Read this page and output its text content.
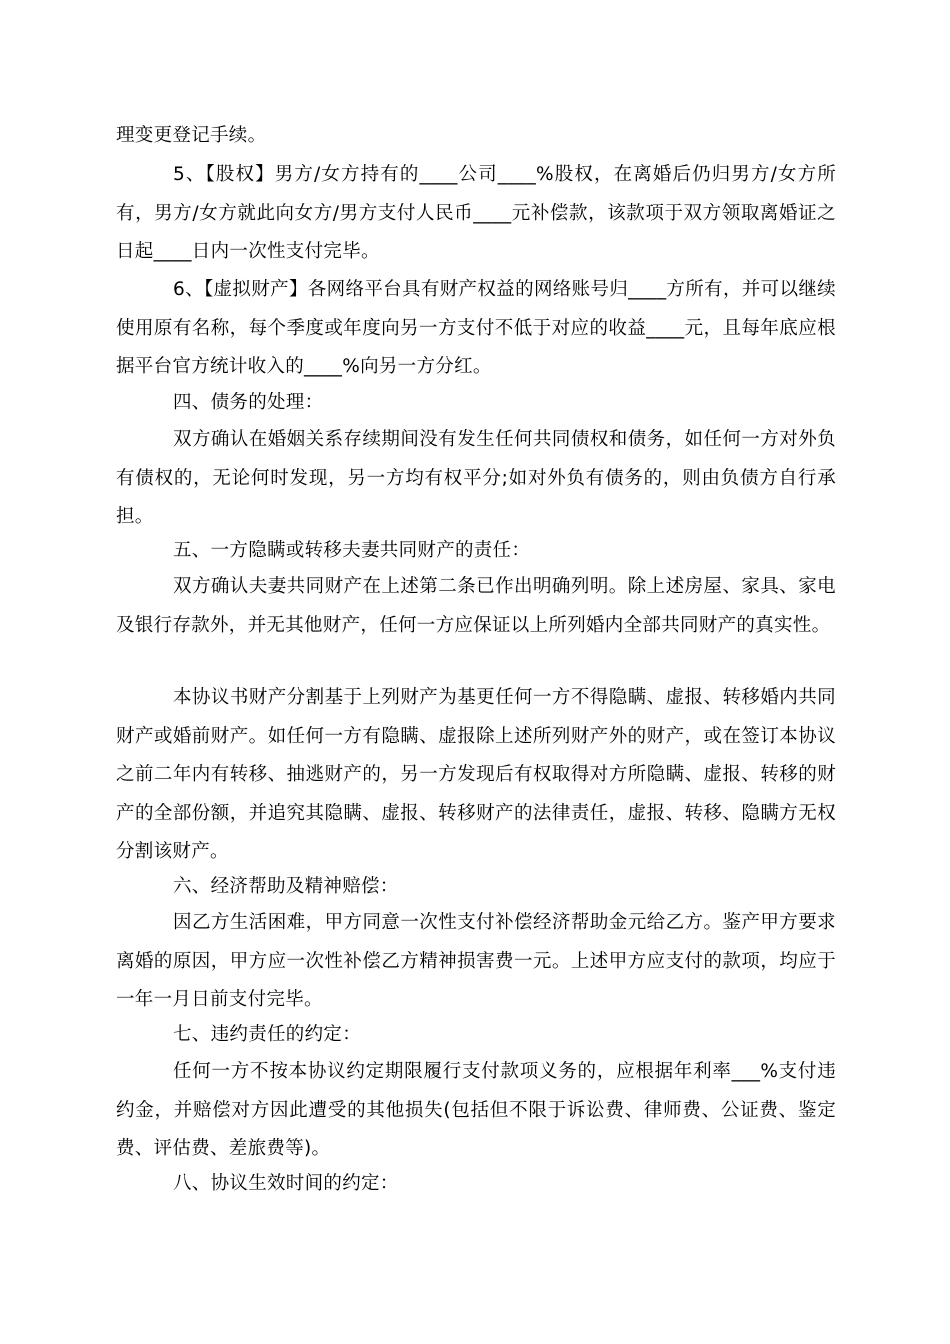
理变更登记手续。

5、【股权】男方/女方持有的____公司____%股权，在离婚后仍归男方/女方所有，男方/女方就此向女方/男方支付人民币____元补偿款，该款项于双方领取离婚证之日起____日内一次性支付完毕。

6、【虚拟财产】各网络平台具有财产权益的网络账号归____方所有，并可以继续使用原有名称，每个季度或年度向另一方支付不低于对应的收益____元，且每年底应根据平台官方统计收入的____%向另一方分红。

四、债务的处理：

双方确认在婚姻关系存续期间没有发生任何共同债权和债务，如任何一方对外负有债权的，无论何时发现，另一方均有权平分;如对外负有债务的，则由负债方自行承担。

五、一方隐瞒或转移夫妻共同财产的责任：

双方确认夫妻共同财产在上述第二条已作出明确列明。除上述房屋、家具、家电及银行存款外，并无其他财产，任何一方应保证以上所列婚内全部共同财产的真实性。

本协议书财产分割基于上列财产为基更任何一方不得隐瞒、虚报、转移婚内共同财产或婚前财产。如任何一方有隐瞒、虚报除上述所列财产外的财产，或在签订本协议之前二年内有转移、抽逃财产的，另一方发现后有权取得对方所隐瞒、虚报、转移的财产的全部份额，并追究其隐瞒、虚报、转移财产的法律责任，虚报、转移、隐瞒方无权分割该财产。

六、经济帮助及精神赔偿：

因乙方生活困难，甲方同意一次性支付补偿经济帮助金元给乙方。鉴产甲方要求离婚的原因，甲方应一次性补偿乙方精神损害费一元。上述甲方应支付的款项，均应于一年一月日前支付完毕。

七、违约责任的约定：

任何一方不按本协议约定期限履行支付款项义务的，应根据年利率___%支付违约金，并赔偿对方因此遭受的其他损失(包括但不限于诉讼费、律师费、公证费、鉴定费、评估费、差旅费等)。

八、协议生效时间的约定：
